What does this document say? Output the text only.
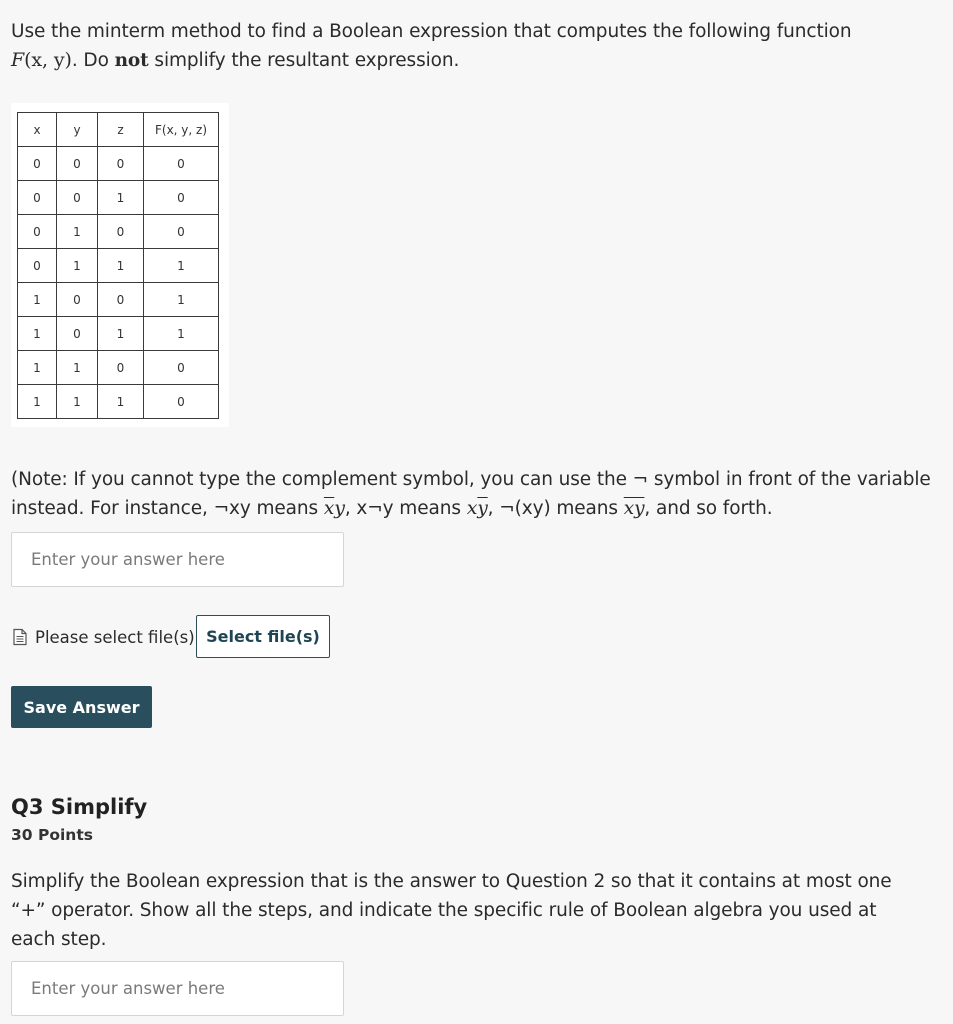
Use the minterm method to find a Boolean expression that computes the following function
F(x, y). Do not simplify the resultant expression.
x	y	z	F(x, y, z)
0	0	0	0
0	0	1	0
0	1	0	0
0	1	1	1
1	0	0	1
1	0	1	1
1	1	0	0
1	1	1	0
(Note: If you cannot type the complement symbol, you can use the ¬ symbol in front of the variable instead. For instance, ¬xy means $\overline{x}y$, x¬y means $x\overline{y}$, ¬(xy) means $\overline{xy}$, and so forth.
Enter your answer here
Please select file(s) Select file(s)
Save Answer
Q3 Simplify
30 Points
Simplify the Boolean expression that is the answer to Question 2 so that it contains at most one “+” operator. Show all the steps, and indicate the specific rule of Boolean algebra you used at each step.
Enter your answer here
